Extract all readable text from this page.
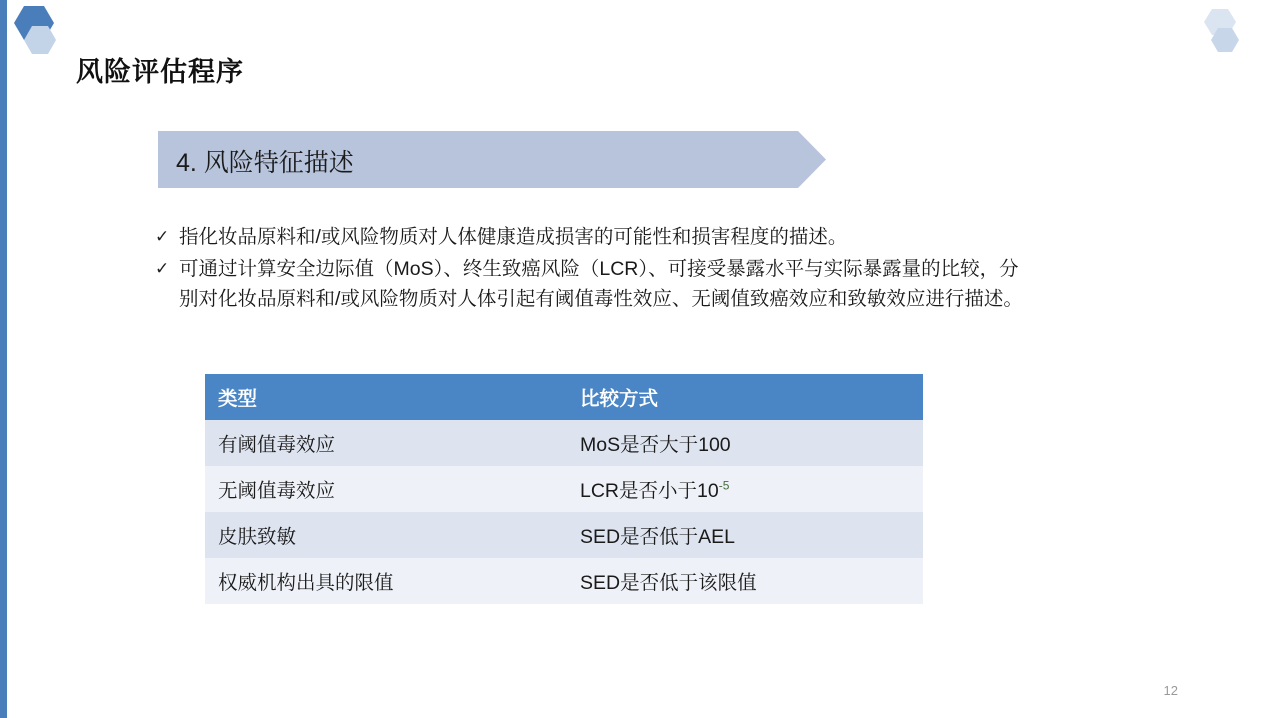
风险评估程序
4. 风险特征描述
✓ 指化妆品原料和/或风险物质对人体健康造成损害的可能性和损害程度的描述。
✓ 可通过计算安全边际值（MoS）、终生致癌风险（LCR）、可接受暴露水平与实际暴露量的比较，分别对化妆品原料和/或风险物质对人体引起有阈值毒性效应、无阈值致癌效应和致敏效应进行描述。
类型	比较方式
有阈值毒效应	MoS是否大于100
无阈值毒效应	LCR是否小于$10^{-5}$
皮肤致敏	SED是否低于AEL
权威机构出具的限值	SED是否低于该限值
12
